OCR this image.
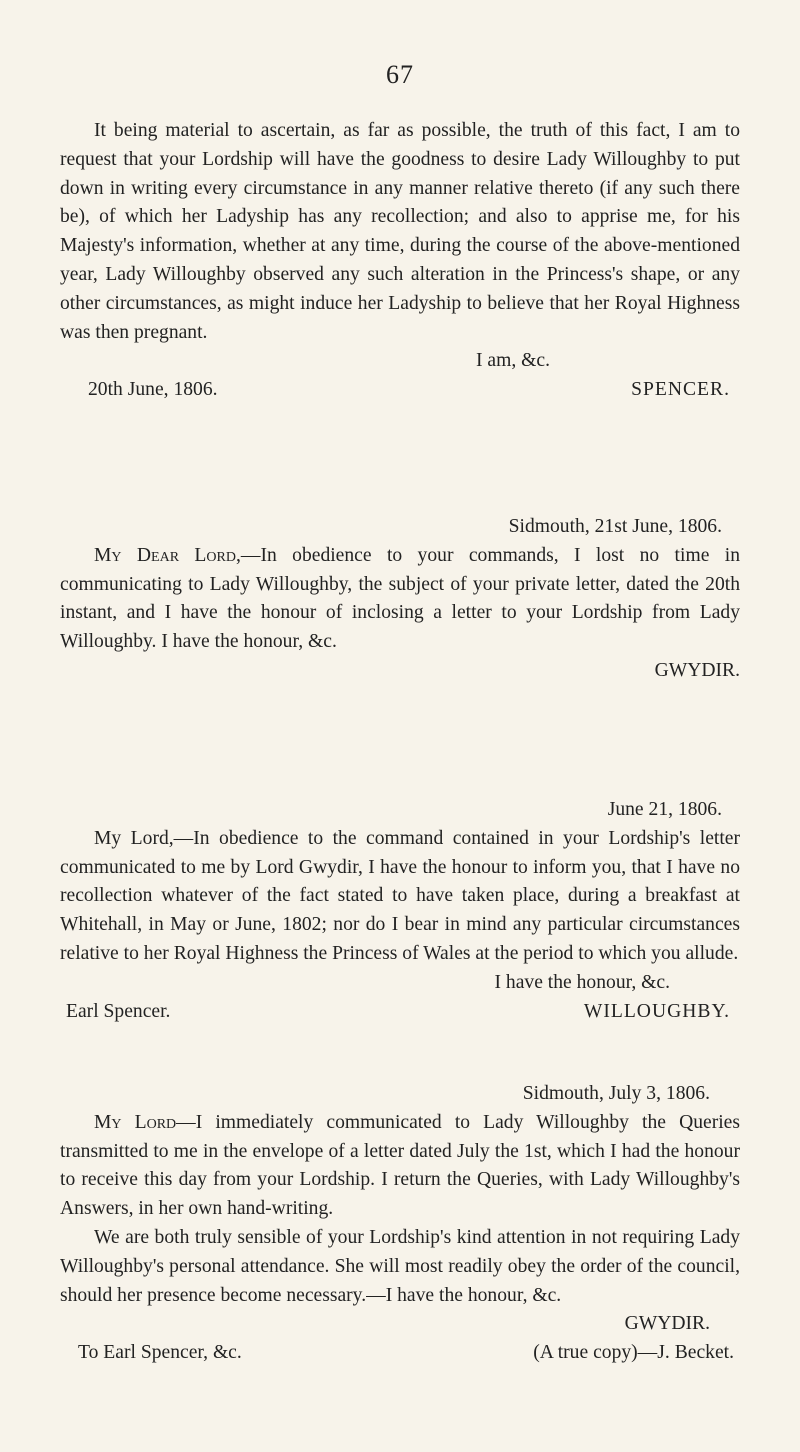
67

It being material to ascertain, as far as possible, the truth of this fact, I am to request that your Lordship will have the goodness to desire Lady Willoughby to put down in writing every circumstance in any manner relative thereto (if any such there be), of which her Ladyship has any recollection; and also to apprise me, for his Majesty's information, whether at any time, during the course of the above-mentioned year, Lady Willoughby observed any such alteration in the Princess's shape, or any other circumstances, as might induce her Ladyship to believe that her Royal Highness was then pregnant.

I am, &c.
20th June, 1806.	SPENCER.
Sidmouth, 21st June, 1806.

My Dear Lord,—In obedience to your commands, I lost no time in communicating to Lady Willoughby, the subject of your private letter, dated the 20th instant, and I have the honour of inclosing a letter to your Lordship from Lady Willoughby. I have the honour, &c.

GWYDIR.
June 21, 1806.

My Lord,—In obedience to the command contained in your Lordship's letter communicated to me by Lord Gwydir, I have the honour to inform you, that I have no recollection whatever of the fact stated to have taken place, during a breakfast at Whitehall, in May or June, 1802; nor do I bear in mind any particular circumstances relative to her Royal Highness the Princess of Wales at the period to which you allude.

I have the honour, &c.
Earl Spencer.	WILLOUGHBY.
Sidmouth, July 3, 1806.

My Lord—I immediately communicated to Lady Willoughby the Queries transmitted to me in the envelope of a letter dated July the 1st, which I had the honour to receive this day from your Lordship. I return the Queries, with Lady Willoughby's Answers, in her own hand-writing.

We are both truly sensible of your Lordship's kind attention in not requiring Lady Willoughby's personal attendance. She will most readily obey the order of the council, should her presence become necessary.—I have the honour, &c.

GWYDIR.
To Earl Spencer, &c.	(A true copy)—J. Becket.
